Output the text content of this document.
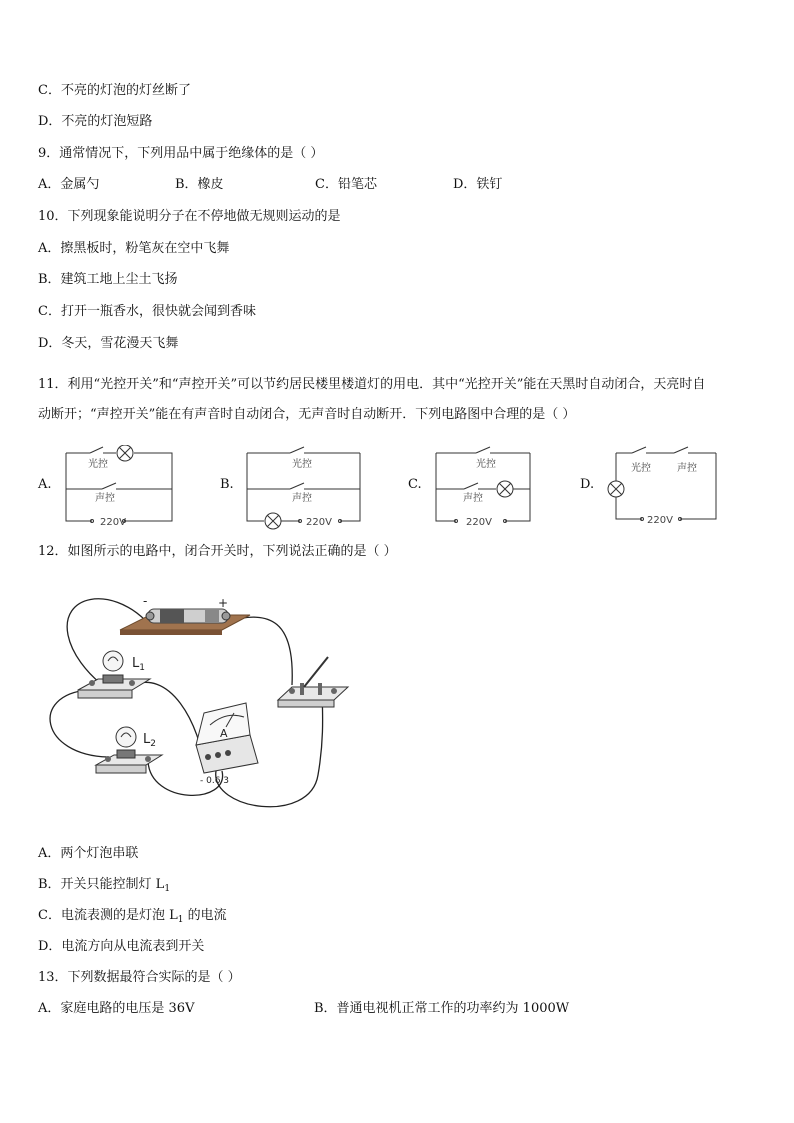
C．不亮的灯泡的灯丝断了
D．不亮的灯泡短路
9．通常情况下，下列用品中属于绝缘体的是（ ）
A．金属勺	B．橡皮	C．铅笔芯	D．铁钉
10．下列现象能说明分子在不停地做无规则运动的是
A．擦黑板时，粉笔灰在空中飞舞
B．建筑工地上尘土飞扬
C．打开一瓶香水，很快就会闻到香味
D．冬天，雪花漫天飞舞
11．利用“光控开关”和“声控开关”可以节约居民楼里楼道灯的用电．其中“光控开关”能在天黑时自动闭合，天亮时自
动断开；“声控开关”能在有声音时自动闭合，无声音时自动断开．下列电路图中合理的是（ ）
A.	B.	C.	D.
光控
声控
220V
光控
声控
220V
光控
声控
220V
光控	声控
220V
12．如图所示的电路中，闭合开关时，下列说法正确的是（ ）
-	+
$L_1$
$L_2$
A
- 0.6 3
A．两个灯泡串联
B．开关只能控制灯 $L_1$
C．电流表测的是灯泡 $L_1$ 的电流
D．电流方向从电流表到开关
13．下列数据最符合实际的是（ ）
A．家庭电路的电压是 36V	B．普通电视机正常工作的功率约为 1000W
